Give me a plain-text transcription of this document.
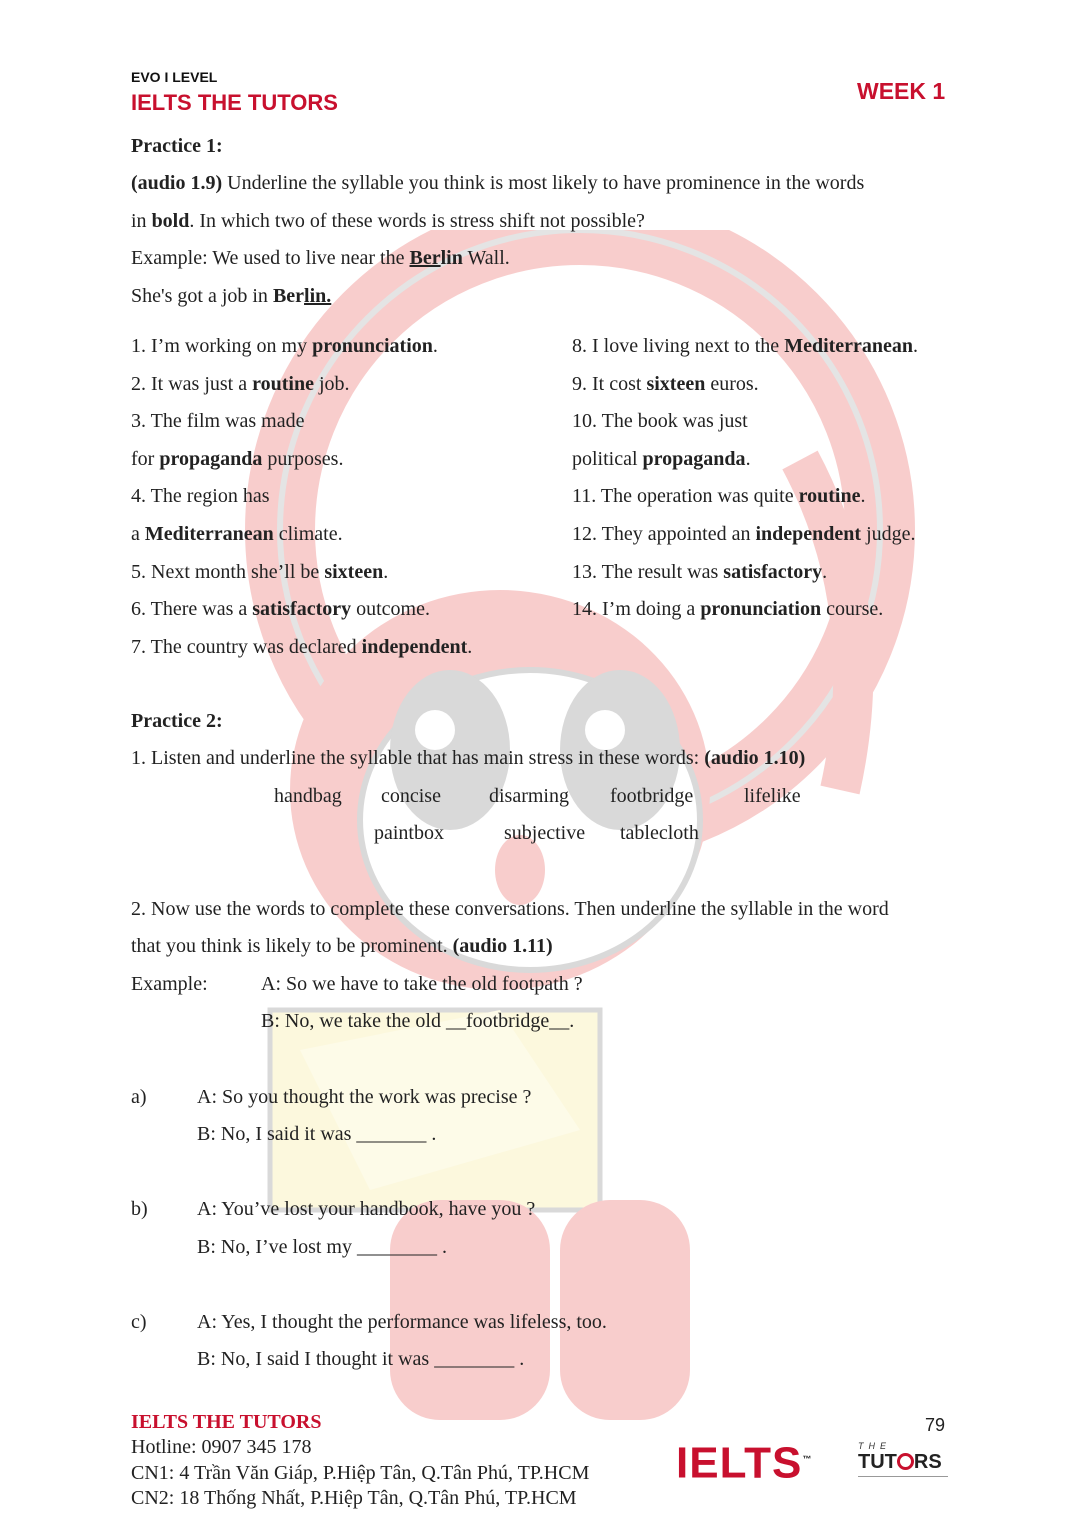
EVO I LEVEL
IELTS THE TUTORS	WEEK 1
Practice 1:
(audio 1.9) Underline the syllable you think is most likely to have prominence in the words
in bold. In which two of these words is stress shift not possible?
Example: We used to live near the Berlin Wall.
She's got a job in Berlin.
1. I’m working on my pronunciation.
2. It was just a routine job.
3. The film was made
for propaganda purposes.
4. The region has
a Mediterranean climate.
5. Next month she’ll be sixteen.
6. There was a satisfactory outcome.
7. The country was declared independent.
8. I love living next to the Mediterranean.
9. It cost sixteen euros.
10. The book was just
political propaganda.
11. The operation was quite routine.
12. They appointed an independent judge.
13. The result was satisfactory.
14. I’m doing a pronunciation course.
Practice 2:
1. Listen and underline the syllable that has main stress in these words: (audio 1.10)
handbag concise disarming footbridge	lifelike
paintbox	subjective tablecloth
2. Now use the words to complete these conversations. Then underline the syllable in the word
that you think is likely to be prominent. (audio 1.11)
Example:	A: So we have to take the old footpath ?
B: No, we take the old __footbridge__.
a)	A: So you thought the work was precise ?
B: No, I said it was _______ .
b) A: You’ve lost your handbook, have you ?
B: No, I’ve lost my ________ .
c)	A: Yes, I thought the performance was lifeless, too.
B: No, I said I thought it was ________ .
IELTS THE TUTORS
Hotline: 0907 345 178
CN1: 4 Trần Văn Giáp, P.Hiệp Tân, Q.Tân Phú, TP.HCM
CN2: 18 Thống Nhất, P.Hiệp Tân, Q.Tân Phú, TP.HCM
79
IELTS™
THE
TUT RS
